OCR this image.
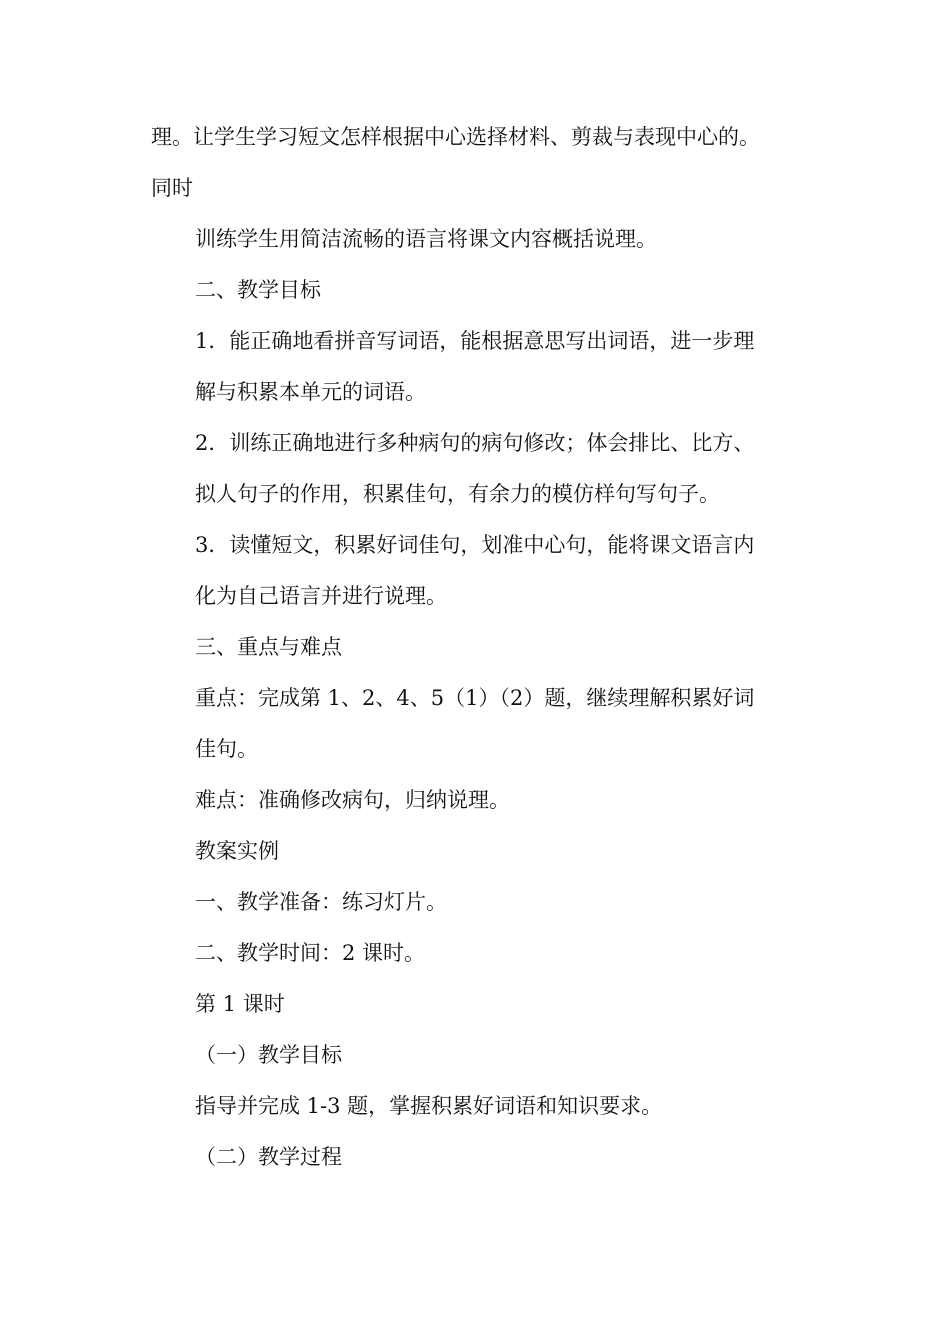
理。让学生学习短文怎样根据中心选择材料、剪裁与表现中心的。
同时

训练学生用简洁流畅的语言将课文内容概括说理。

二、教学目标

1．能正确地看拼音写词语，能根据意思写出词语，进一步理
解与积累本单元的词语。

2．训练正确地进行多种病句的病句修改；体会排比、比方、
拟人句子的作用，积累佳句，有余力的模仿样句写句子。

3．读懂短文，积累好词佳句，划准中心句，能将课文语言内
化为自己语言并进行说理。

三、重点与难点

重点：完成第 1、2、4、5（1）（2）题，继续理解积累好词
佳句。

难点：准确修改病句，归纳说理。

教案实例

一、教学准备：练习灯片。

二、教学时间：2 课时。

第 1 课时

（一）教学目标

指导并完成 1-3 题，掌握积累好词语和知识要求。

（二）教学过程
